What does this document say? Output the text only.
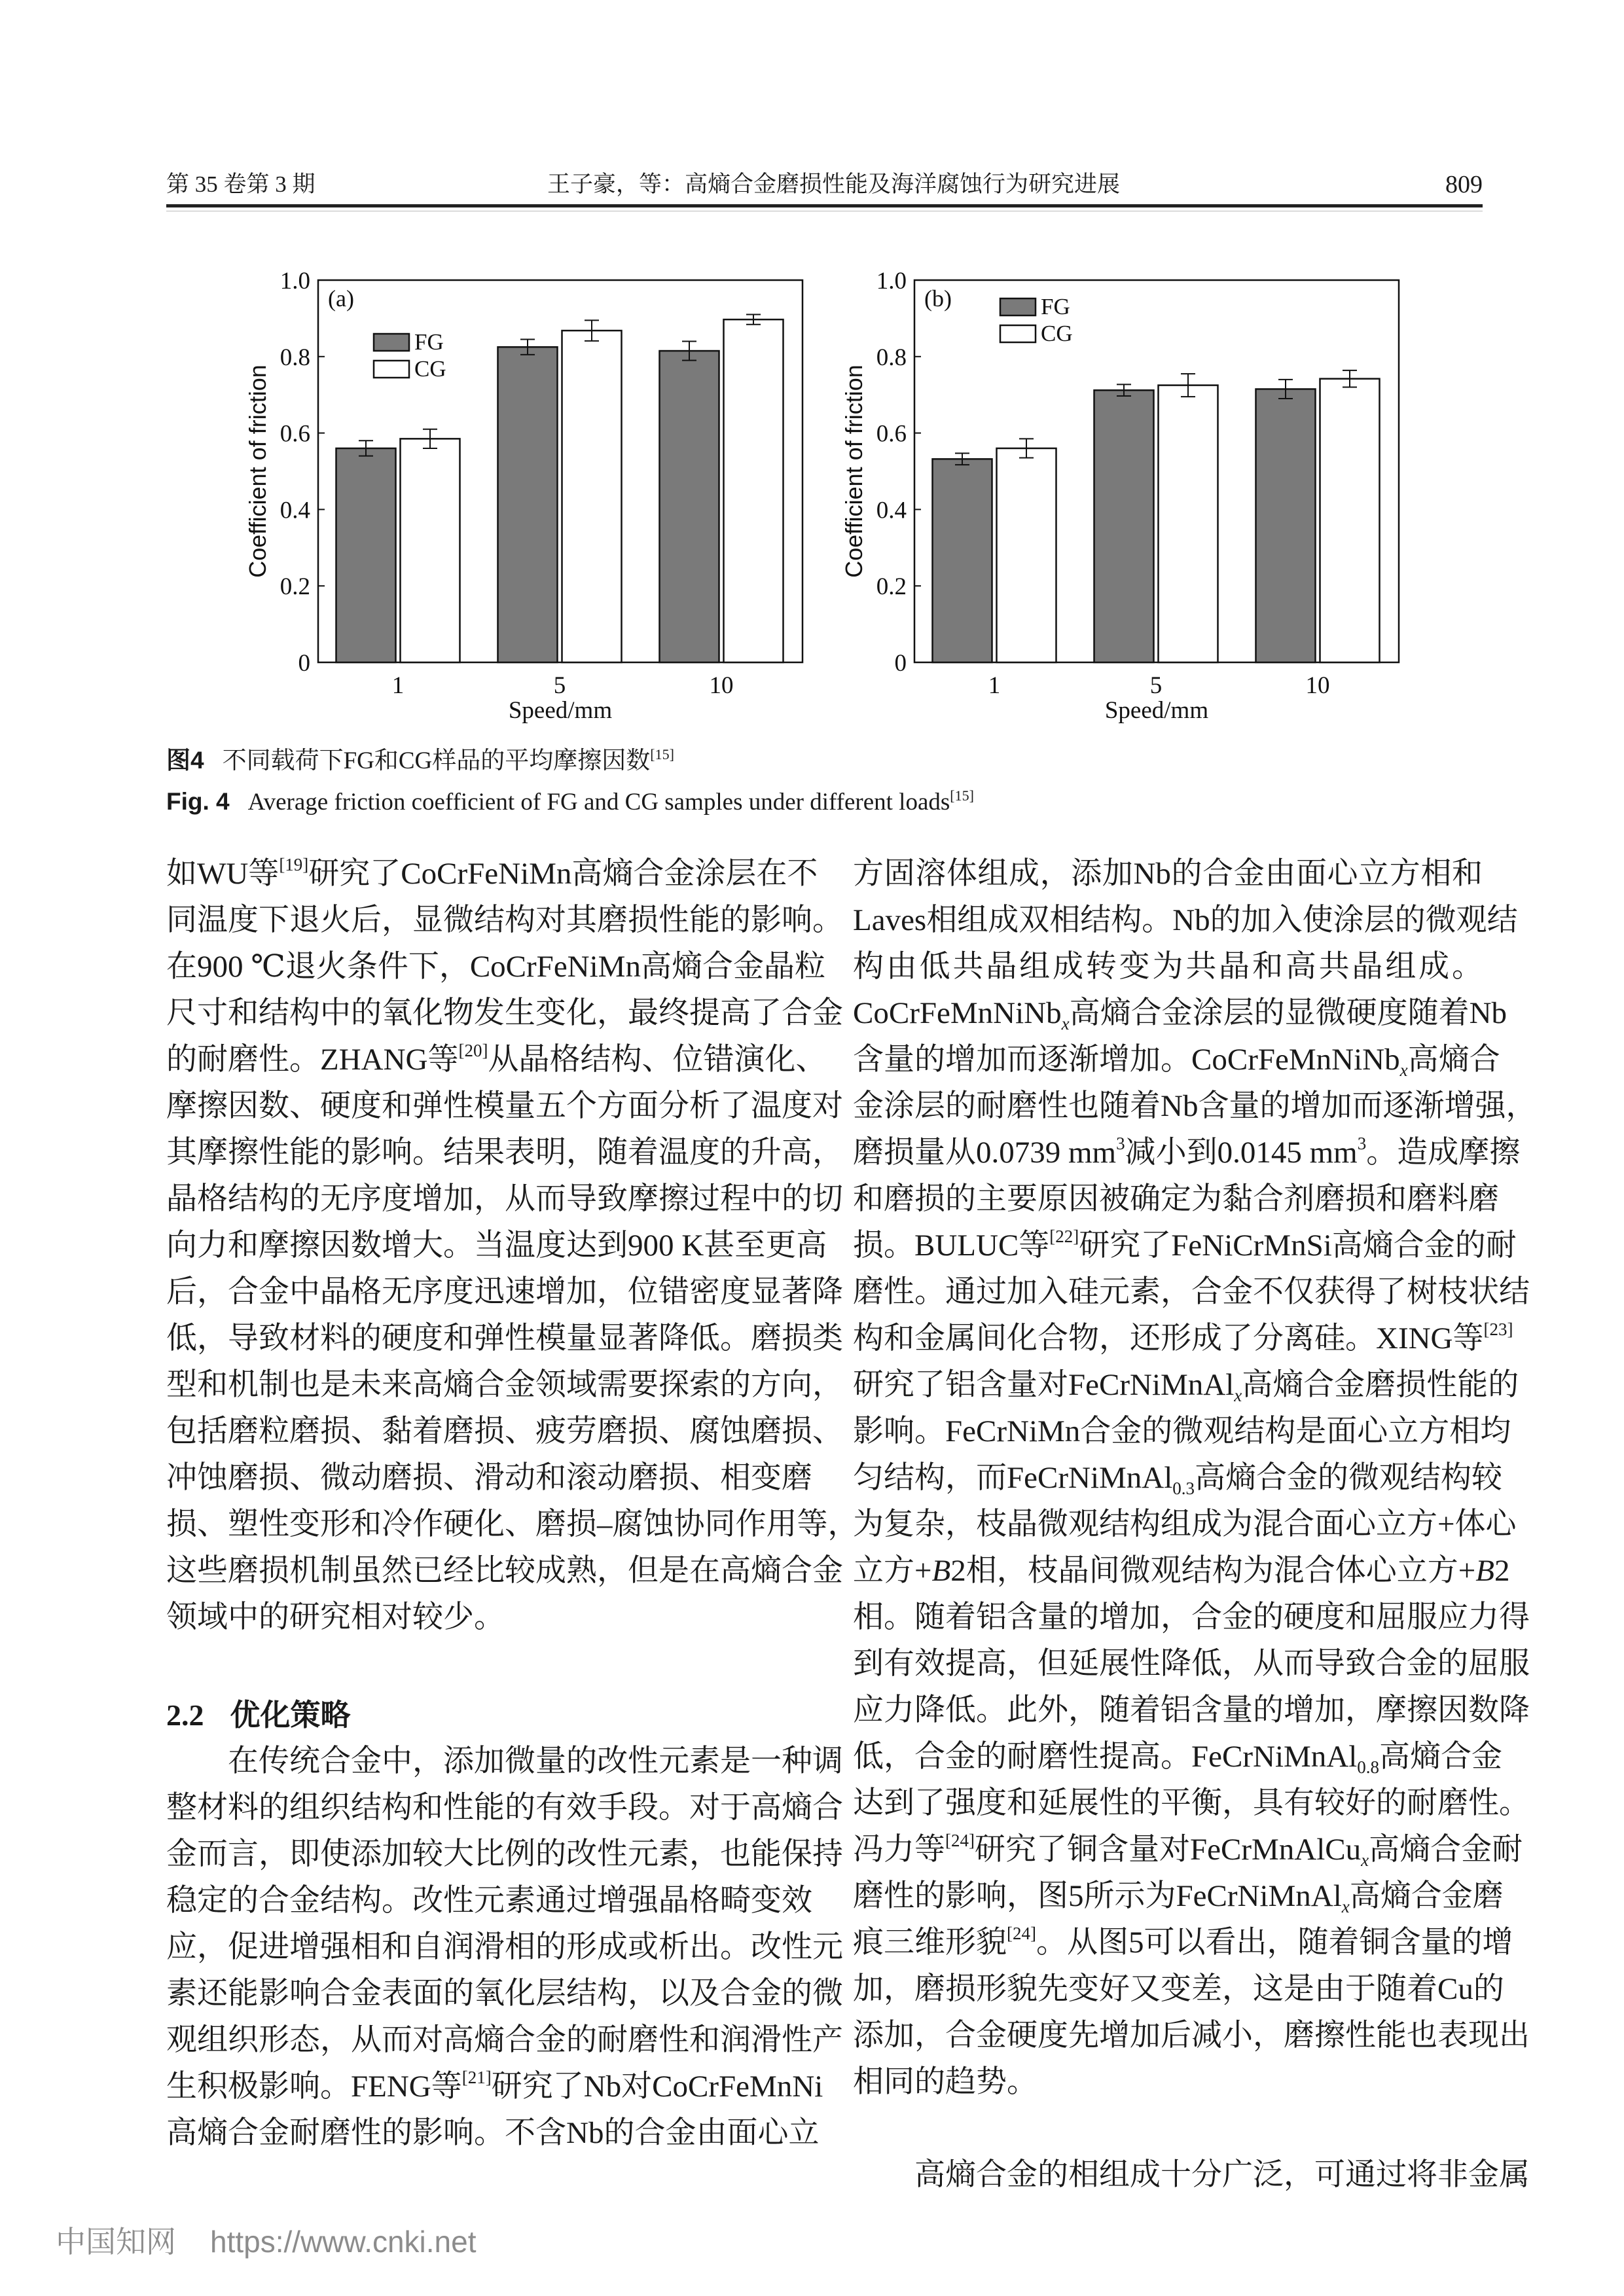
第 35 卷第 3 期	王子豪，等：高熵合金磨损性能及海洋腐蚀行为研究进展	809
0
0.2
0.4
0.6
0.8
1.0
Coefficient of friction
1	5	10
Speed/mm
(a)
FG
CG
0
0.2
0.4
0.6
0.8
1.0
Coefficient of friction
1	5	10
Speed/mm
(b)	FG
CG
图4 不同载荷下FG和CG样品的平均摩擦因数[15]
Fig. 4 Average friction coefficient of FG and CG samples under different loads[15]
如WU等[19]研究了CoCrFeNiMn高熵合金涂层在不
同温度下退火后，显微结构对其磨损性能的影响。
在900 ℃退火条件下，CoCrFeNiMn高熵合金晶粒
尺寸和结构中的氧化物发生变化，最终提高了合金
的耐磨性。ZHANG等[20]从晶格结构、位错演化、
摩擦因数、硬度和弹性模量五个方面分析了温度对
其摩擦性能的影响。结果表明，随着温度的升高，
晶格结构的无序度增加，从而导致摩擦过程中的切
向力和摩擦因数增大。当温度达到900 K甚至更高
后，合金中晶格无序度迅速增加，位错密度显著降
低，导致材料的硬度和弹性模量显著降低。磨损类
型和机制也是未来高熵合金领域需要探索的方向，
包括磨粒磨损、黏着磨损、疲劳磨损、腐蚀磨损、
冲蚀磨损、微动磨损、滑动和滚动磨损、相变磨
损、塑性变形和冷作硬化、磨损–腐蚀协同作用等，
这些磨损机制虽然已经比较成熟，但是在高熵合金
领域中的研究相对较少。
2.2 优化策略
在传统合金中，添加微量的改性元素是一种调
整材料的组织结构和性能的有效手段。对于高熵合
金而言，即使添加较大比例的改性元素，也能保持
稳定的合金结构。改性元素通过增强晶格畸变效
应，促进增强相和自润滑相的形成或析出。改性元
素还能影响合金表面的氧化层结构，以及合金的微
观组织形态，从而对高熵合金的耐磨性和润滑性产
生积极影响。FENG等[21]研究了Nb对CoCrFeMnNi
高熵合金耐磨性的影响。不含Nb的合金由面心立
方固溶体组成，添加Nb的合金由面心立方相和
Laves相组成双相结构。Nb的加入使涂层的微观结
构由低共晶组成转变为共晶和高共晶组成。
CoCrFeMnNiNb$_x$高熵合金涂层的显微硬度随着Nb
含量的增加而逐渐增加。CoCrFeMnNiNb$_x$高熵合
金涂层的耐磨性也随着Nb含量的增加而逐渐增强，
磨损量从0.0739 $mm^3$减小到0.0145 $mm^3$。造成摩擦
和磨损的主要原因被确定为黏合剂磨损和磨料磨
损。BULUC等[22]研究了FeNiCrMnSi高熵合金的耐
磨性。通过加入硅元素，合金不仅获得了树枝状结
构和金属间化合物，还形成了分离硅。XING等[23]
研究了铝含量对FeCrNiMnAl$_x$高熵合金磨损性能的
影响。FeCrNiMn合金的微观结构是面心立方相均
匀结构，而FeCrNiMnAl$_{0.3}$高熵合金的微观结构较
为复杂，枝晶微观结构组成为混合面心立方+体心
立方+B2相，枝晶间微观结构为混合体心立方+B2
相。随着铝含量的增加，合金的硬度和屈服应力得
到有效提高，但延展性降低，从而导致合金的屈服
应力降低。此外，随着铝含量的增加，摩擦因数降
低，合金的耐磨性提高。FeCrNiMnAl$_{0.8}$高熵合金
达到了强度和延展性的平衡，具有较好的耐磨性。
冯力等[24]研究了铜含量对FeCrMnAlCu$_x$高熵合金耐
磨性的影响，图5所示为FeCrNiMnAl$_x$高熵合金磨
痕三维形貌[24]。从图5可以看出，随着铜含量的增
加，磨损形貌先变好又变差，这是由于随着Cu的
添加，合金硬度先增加后减小，磨擦性能也表现出
相同的趋势。
高熵合金的相组成十分广泛，可通过将非金属
中国知网 https://www.cnki.net
